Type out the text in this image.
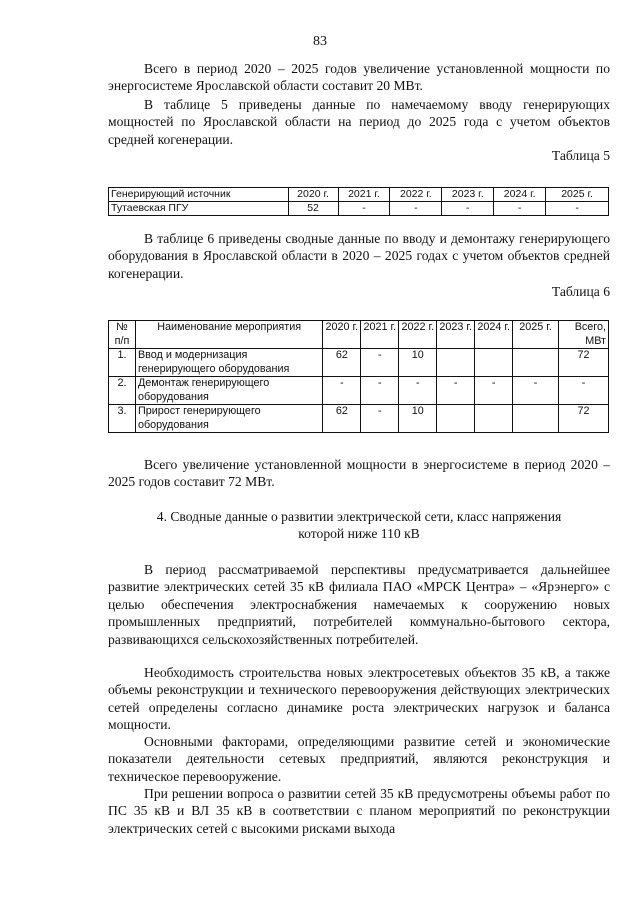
83

Всего в период 2020 – 2025 годов увеличение установленной мощности по энергосистеме Ярославской области составит 20 МВт.

В таблице 5 приведены данные по намечаемому вводу генерирующих мощностей по Ярославской области на период до 2025 года с учетом объектов средней когенерации.

Таблица 5
Генерирующий источник	2020 г.	2021 г.	2022 г.	2023 г.	2024 г.	2025 г.
Тутаевская ПГУ	52	-	-	-	-	-

В таблице 6 приведены сводные данные по вводу и демонтажу генерирующего оборудования в Ярославской области в 2020 – 2025 годах с учетом объектов средней когенерации.

Таблица 6
№ п/п	Наименование мероприятия	2020 г.	2021 г.	2022 г.	2023 г.	2024 г.	2025 г.	Всего, МВт
1.	Ввод и модернизация генерирующего оборудования	62	-	10				72
2.	Демонтаж генерирующего оборудования	-	-	-	-	-	-	-
3.	Прирост генерирующего оборудования	62	-	10				72

Всего увеличение установленной мощности в энергосистеме в период 2020 – 2025 годов составит 72 МВт.

4. Сводные данные о развитии электрической сети, класс напряжения которой ниже 110 кВ

В период рассматриваемой перспективы предусматривается дальнейшее развитие электрических сетей 35 кВ филиала ПАО «МРСК Центра» – «Ярэнерго» с целью обеспечения электроснабжения намечаемых к сооружению новых промышленных предприятий, потребителей коммунально-бытового сектора, развивающихся сельскохозяйственных потребителей.

Необходимость строительства новых электросетевых объектов 35 кВ, а также объемы реконструкции и технического перевооружения действующих электрических сетей определены согласно динамике роста электрических нагрузок и баланса мощности.

Основными факторами, определяющими развитие сетей и экономические показатели деятельности сетевых предприятий, являются реконструкция и техническое перевооружение.

При решении вопроса о развитии сетей 35 кВ предусмотрены объемы работ по ПС 35 кВ и ВЛ 35 кВ в соответствии с планом мероприятий по реконструкции электрических сетей с высокими рисками выхода
